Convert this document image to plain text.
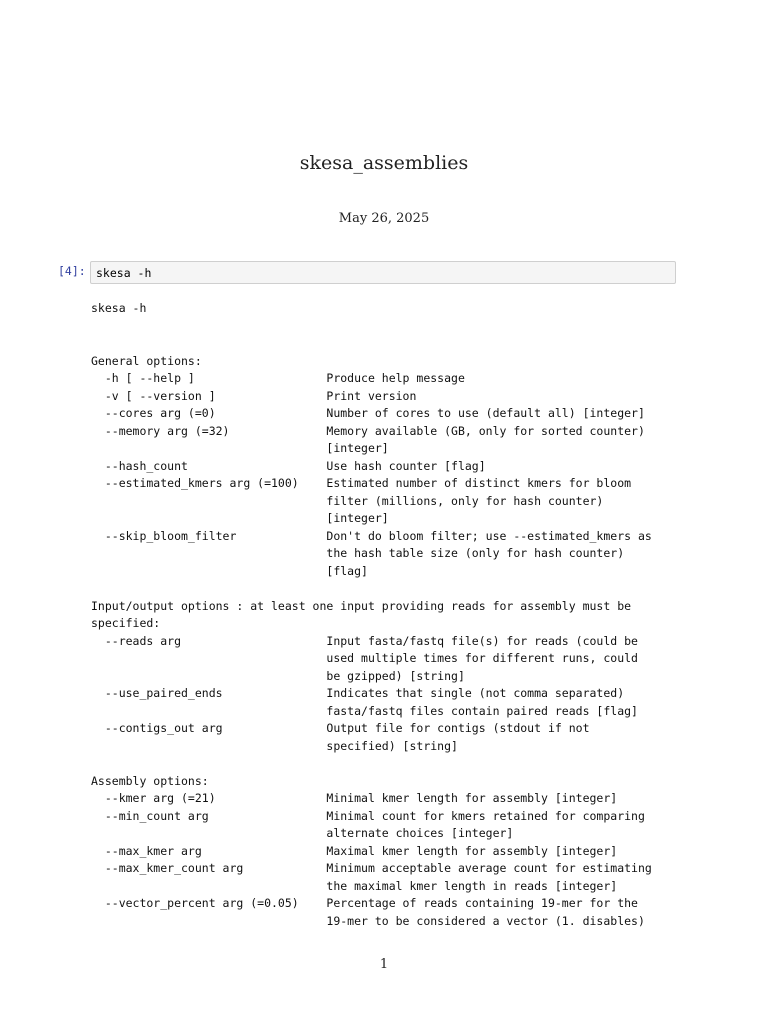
skesa_assemblies
May 26, 2025
[4]: skesa -h
skesa -h

General options:
-h [ --help ]                   Produce help message
-v [ --version ]                Print version
--cores arg (=0)                Number of cores to use (default all) [integer]
--memory arg (=32)              Memory available (GB, only for sorted counter)
[integer]
--hash_count                    Use hash counter [flag]
--estimated_kmers arg (=100)    Estimated number of distinct kmers for bloom
filter (millions, only for hash counter)
[integer]
--skip_bloom_filter             Don't do bloom filter; use --estimated_kmers as
the hash table size (only for hash counter)
[flag]

Input/output options : at least one input providing reads for assembly must be
specified:
--reads arg                     Input fasta/fastq file(s) for reads (could be
used multiple times for different runs, could
be gzipped) [string]
--use_paired_ends               Indicates that single (not comma separated)
fasta/fastq files contain paired reads [flag]
--contigs_out arg               Output file for contigs (stdout if not
specified) [string]

Assembly options:
--kmer arg (=21)                Minimal kmer length for assembly [integer]
--min_count arg                 Minimal count for kmers retained for comparing
alternate choices [integer]
--max_kmer arg                  Maximal kmer length for assembly [integer]
--max_kmer_count arg            Minimum acceptable average count for estimating
the maximal kmer length in reads [integer]
--vector_percent arg (=0.05)    Percentage of reads containing 19-mer for the
19-mer to be considered a vector (1. disables)
1
